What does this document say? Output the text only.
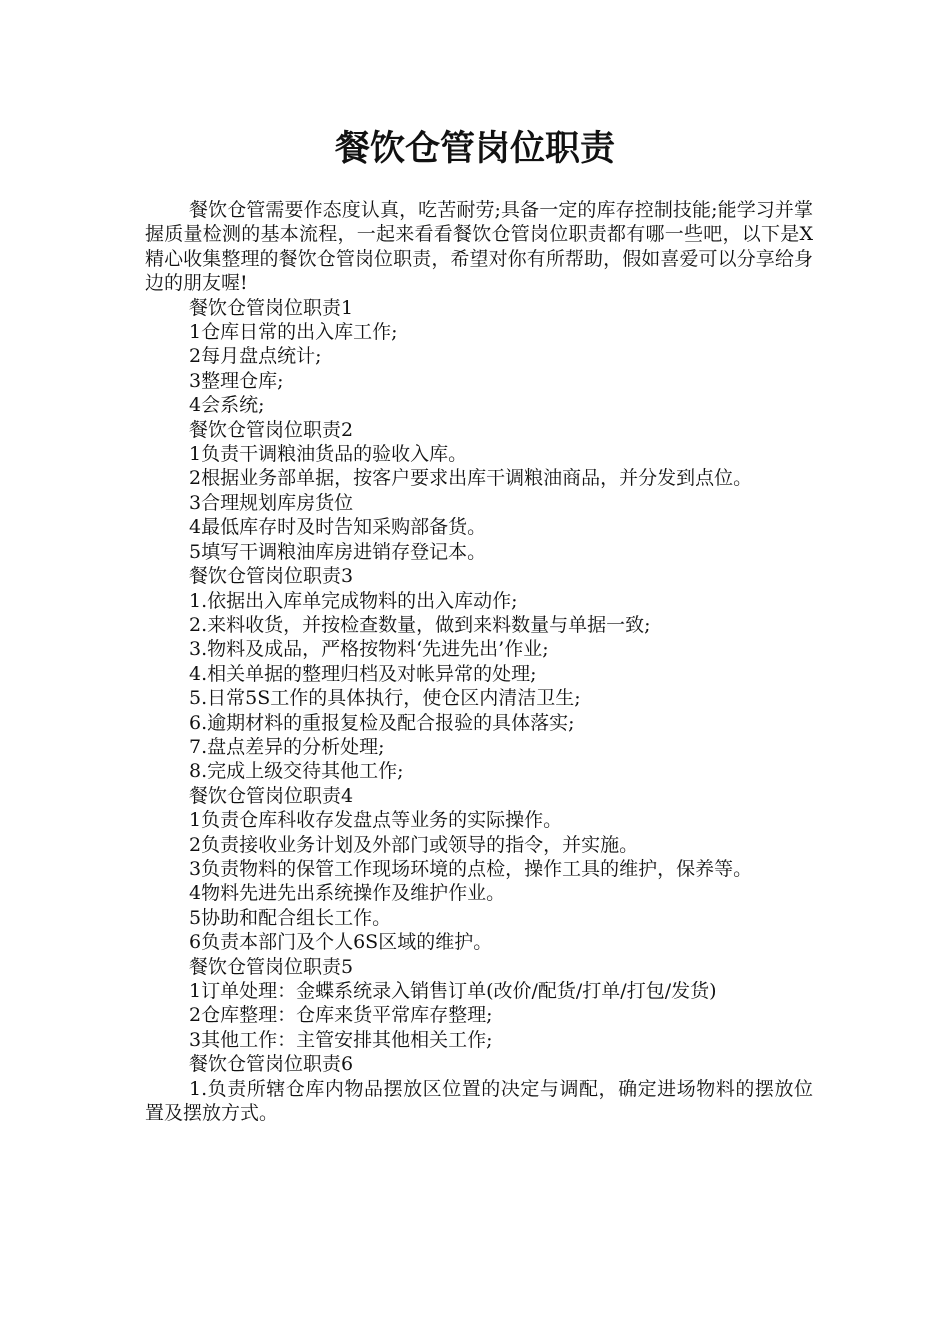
餐饮仓管岗位职责

餐饮仓管需要作态度认真，吃苦耐劳;具备一定的库存控制技能;能学习并掌握质量检测的基本流程，一起来看看餐饮仓管岗位职责都有哪一些吧，以下是X精心收集整理的餐饮仓管岗位职责，希望对你有所帮助，假如喜爱可以分享给身边的朋友喔!

餐饮仓管岗位职责1

1仓库日常的出入库工作;

2每月盘点统计;

3整理仓库;

4会系统;

餐饮仓管岗位职责2

1负责干调粮油货品的验收入库。

2根据业务部单据，按客户要求出库干调粮油商品，并分发到点位。

3合理规划库房货位

4最低库存时及时告知采购部备货。

5填写干调粮油库房进销存登记本。

餐饮仓管岗位职责3

1.依据出入库单完成物料的出入库动作;

2.来料收货，并按检查数量，做到来料数量与单据一致;

3.物料及成品，严格按物料‘先进先出’作业;

4.相关单据的整理归档及对帐异常的处理;

5.日常5S工作的具体执行，使仓区内清洁卫生;

6.逾期材料的重报复检及配合报验的具体落实;

7.盘点差异的分析处理;

8.完成上级交待其他工作;

餐饮仓管岗位职责4

1负责仓库科收存发盘点等业务的实际操作。

2负责接收业务计划及外部门或领导的指令，并实施。

3负责物料的保管工作现场环境的点检，操作工具的维护，保养等。

4物料先进先出系统操作及维护作业。

5协助和配合组长工作。

6负责本部门及个人6S区域的维护。

餐饮仓管岗位职责5

1订单处理：金蝶系统录入销售订单(改价/配货/打单/打包/发货)

2仓库整理：仓库来货平常库存整理;

3其他工作：主管安排其他相关工作;

餐饮仓管岗位职责6

1.负责所辖仓库内物品摆放区位置的决定与调配，确定进场物料的摆放位置及摆放方式。
